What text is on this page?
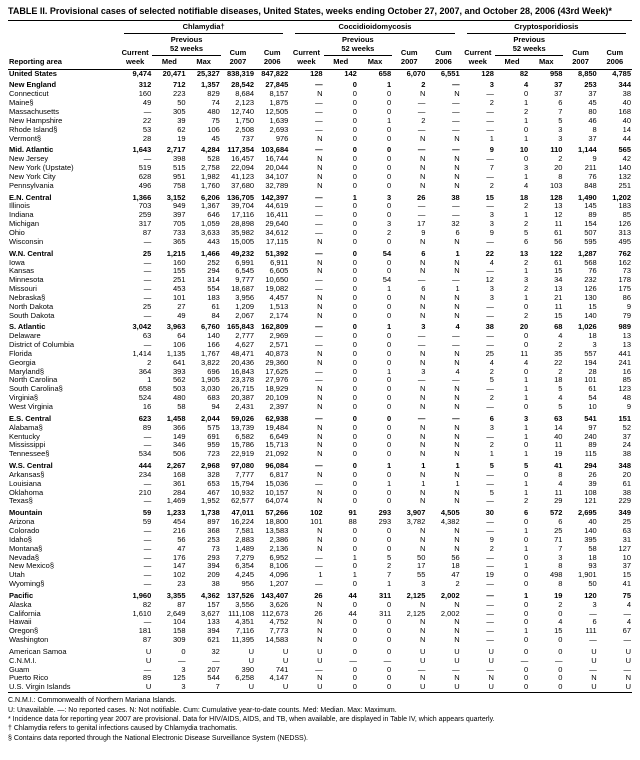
TABLE II. Provisional cases of selected notifiable diseases, United States, weeks ending October 27, 2007, and October 28, 2006 (43rd Week)*

Reporting area	Chlamydia†					Coccidioidomycosis					Cryptosporidiosis				

	Current week	Previous 52 weeks		Cum 2007	Cum 2006	Current week	Previous 52 weeks		Cum 2007	Cum 2006	Current week	Previous 52 weeks		Cum 2007	Cum 2006
		Med	Max				Med	Max				Med	Max		
United States	9,474	20,471	25,327	838,319	847,822	128	142	658	6,070	6,551	128	82	958	8,850	4,785
New England	312	712	1,357	28,542	27,845	—	0	1	2	—	3	4	37	253	344
Connecticut	160	223	829	8,684	8,157	N	0	0	N	N	—	0	37	37	38
Maine§	49	50	74	2,123	1,875	—	0	0	—	—	2	1	6	45	40
Massachusetts	—	305	480	12,740	12,505	—	0	0	—	—	—	2	7	80	168
New Hampshire	22	39	75	1,750	1,639	—	0	1	2	—	—	1	5	46	40
Rhode Island§	53	62	106	2,508	2,693	—	0	0	—	—	—	0	3	8	14
Vermont§	28	19	45	737	976	N	0	0	N	N	1	1	3	37	44
Mid. Atlantic	1,643	2,717	4,284	117,354	103,684	—	0	0	—	—	9	10	110	1,144	565
New Jersey	—	398	528	16,457	16,744	N	0	0	N	N	—	0	2	9	42
New York (Upstate)	519	515	2,758	22,094	20,044	N	0	0	N	N	7	3	20	211	140
New York City	628	951	1,982	41,123	34,107	N	0	0	N	N	—	1	8	76	132
Pennsylvania	496	758	1,760	37,680	32,789	N	0	0	N	N	2	4	103	848	251
E.N. Central	1,366	3,152	6,206	136,705	142,397	—	1	3	26	38	15	18	128	1,490	1,202
Illinois	703	949	1,367	39,704	44,619	—	0	0	—	—	—	2	13	145	183
Indiana	259	397	646	17,116	16,411	—	0	0	—	—	3	1	12	89	85
Michigan	317	705	1,059	28,898	29,640	—	0	3	17	32	3	2	11	154	126
Ohio	87	733	3,633	35,982	34,612	—	0	2	9	6	9	5	61	507	313
Wisconsin	—	365	443	15,005	17,115	N	0	0	N	N	—	6	56	595	495
W.N. Central	25	1,215	1,466	49,232	51,392	—	0	54	6	1	22	13	122	1,287	762
Iowa	—	160	252	6,991	6,911	N	0	0	N	N	4	2	61	568	162
Kansas	—	155	294	6,545	6,605	N	0	0	N	N	—	1	15	76	73
Minnesota	—	251	314	9,777	10,650	—	0	54	—	—	12	3	34	232	178
Missouri	—	453	554	18,687	19,082	—	0	1	6	1	3	2	13	126	175
Nebraska§	—	101	183	3,956	4,457	N	0	0	N	N	3	1	21	130	86
North Dakota	25	27	61	1,209	1,513	N	0	0	N	N	—	0	11	15	9
South Dakota	—	49	84	2,067	2,174	N	0	0	N	N	—	2	15	140	79
S. Atlantic	3,042	3,963	6,760	165,843	162,809	—	0	1	3	4	38	20	68	1,026	989
Delaware	63	64	140	2,777	2,969	—	0	0	—	—	—	0	4	18	13
District of Columbia	—	106	166	4,627	2,571	—	0	0	—	—	—	0	2	3	13
Florida	1,414	1,135	1,767	48,471	40,873	N	0	0	N	N	25	11	35	557	441
Georgia	2	641	3,822	20,436	29,360	N	0	0	N	N	4	4	22	194	241
Maryland§	364	393	696	16,843	17,625	—	0	1	3	4	2	0	2	28	16
North Carolina	1	562	1,905	23,378	27,976	—	0	0	—	—	5	1	18	101	85
South Carolina§	658	503	3,030	26,715	18,929	N	0	0	N	N	—	1	5	61	123
Virginia§	524	480	683	20,387	20,109	N	0	0	N	N	2	1	4	54	48
West Virginia	16	58	94	2,431	2,397	N	0	0	N	N	—	0	5	10	9
E.S. Central	623	1,458	2,044	59,026	62,938	—	0	0	—	—	6	3	63	541	151
Alabama§	89	366	575	13,739	19,484	N	0	0	N	N	3	1	14	97	52
Kentucky	—	149	691	6,582	6,649	N	0	0	N	N	—	1	40	240	37
Mississippi	—	346	959	15,786	15,713	N	0	0	N	N	2	0	11	89	24
Tennessee§	534	506	723	22,919	21,092	N	0	0	N	N	1	1	19	115	38
W.S. Central	444	2,267	2,968	97,080	96,084	—	0	1	1	1	5	5	41	294	348
Arkansas§	234	168	328	7,777	6,817	N	0	0	N	N	—	0	8	26	20
Louisiana	—	361	653	15,794	15,036	—	0	1	1	1	—	1	4	39	61
Oklahoma	210	284	467	10,932	10,157	N	0	0	N	N	5	1	11	108	38
Texas§	—	1,469	1,952	62,577	64,074	N	0	0	N	N	—	2	29	121	229
Mountain	59	1,233	1,738	47,011	57,266	102	91	293	3,907	4,505	30	6	572	2,695	349
Arizona	59	454	897	16,224	18,800	101	88	293	3,782	4,382	—	0	6	40	25
Colorado	—	216	368	7,581	13,583	N	0	0	N	N	—	1	25	140	63
Idaho§	—	56	253	2,883	2,386	N	0	0	N	N	9	0	71	395	31
Montana§	—	47	73	1,489	2,136	N	0	0	N	N	2	1	7	58	127
Nevada§	—	176	293	7,279	6,952	—	1	5	50	56	—	0	3	18	10
New Mexico§	—	147	394	6,354	8,106	—	0	2	17	18	—	1	8	93	37
Utah	—	102	209	4,245	4,096	1	1	7	55	47	19	0	498	1,901	15
Wyoming§	—	23	38	956	1,207	—	0	1	3	2	—	0	8	50	41
Pacific	1,960	3,355	4,362	137,526	143,407	26	44	311	2,125	2,002	—	1	19	120	75
Alaska	82	87	157	3,556	3,626	N	0	0	N	N	—	0	2	3	4
California	1,610	2,649	3,627	111,108	112,673	26	44	311	2,125	2,002	—	0	0	—	—
Hawaii	—	104	133	4,351	4,752	N	0	0	N	N	—	0	4	6	4
Oregon§	181	158	394	7,116	7,773	N	0	0	N	N	—	1	15	111	67
Washington	87	309	621	11,395	14,583	N	0	0	N	N	—	0	0	—	—
American Samoa	U	0	32	U	U	U	0	0	U	U	U	0	0	U	U
C.N.M.I.	U	—	—	U	U	U	—	—	U	U	U	—	—	U	U
Guam	—	3	207	390	741	—	0	0	—	—	—	0	0	—	—
Puerto Rico	89	125	544	6,258	4,147	N	0	0	N	N	N	0	0	N	N
U.S. Virgin Islands	U	3	7	U	U	U	0	0	U	U	U	0	0	U	U
C.N.M.I.: Commonwealth of Northern Mariana Islands.
U: Unavailable. —: No reported cases. N: Not notifiable. Cum: Cumulative year-to-date counts. Med: Median. Max: Maximum.
* Incidence data for reporting year 2007 are provisional. Data for HIV/AIDS, AIDS, and TB, when available, are displayed in Table IV, which appears quarterly.
† Chlamydia refers to genital infections caused by Chlamydia trachomatis.
§ Contains data reported through the National Electronic Disease Surveillance System (NEDSS).
